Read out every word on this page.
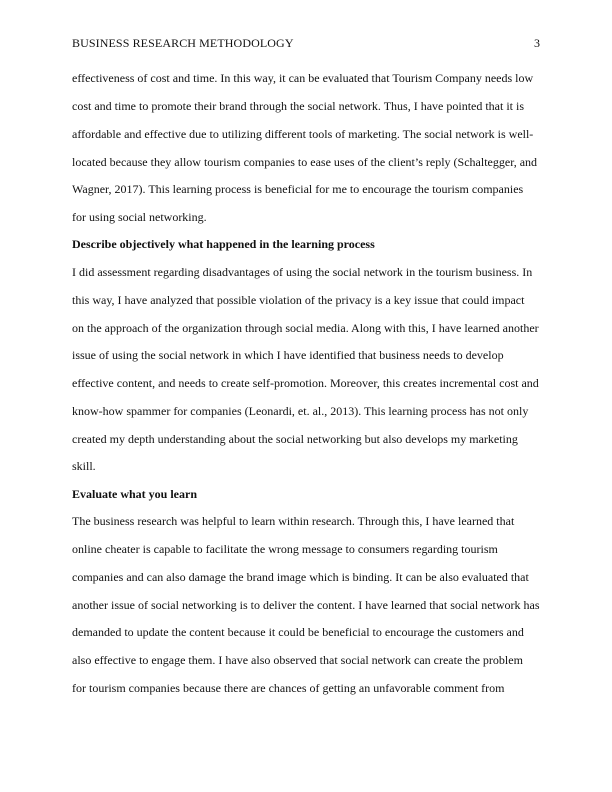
BUSINESS RESEARCH METHODOLOGY	3
effectiveness of cost and time. In this way, it can be evaluated that Tourism Company needs low
cost and time to promote their brand through the social network. Thus, I have pointed that it is
affordable and effective due to utilizing different tools of marketing. The social network is well-
located because they allow tourism companies to ease uses of the client’s reply (Schaltegger, and
Wagner, 2017). This learning process is beneficial for me to encourage the tourism companies
for using social networking.
Describe objectively what happened in the learning process
I did assessment regarding disadvantages of using the social network in the tourism business. In
this way, I have analyzed that possible violation of the privacy is a key issue that could impact
on the approach of the organization through social media. Along with this, I have learned another
issue of using the social network in which I have identified that business needs to develop
effective content, and needs to create self-promotion. Moreover, this creates incremental cost and
know-how spammer for companies (Leonardi, et. al., 2013). This learning process has not only
created my depth understanding about the social networking but also develops my marketing
skill.
Evaluate what you learn
The business research was helpful to learn within research. Through this, I have learned that
online cheater is capable to facilitate the wrong message to consumers regarding tourism
companies and can also damage the brand image which is binding. It can be also evaluated that
another issue of social networking is to deliver the content. I have learned that social network has
demanded to update the content because it could be beneficial to encourage the customers and
also effective to engage them. I have also observed that social network can create the problem
for tourism companies because there are chances of getting an unfavorable comment from
